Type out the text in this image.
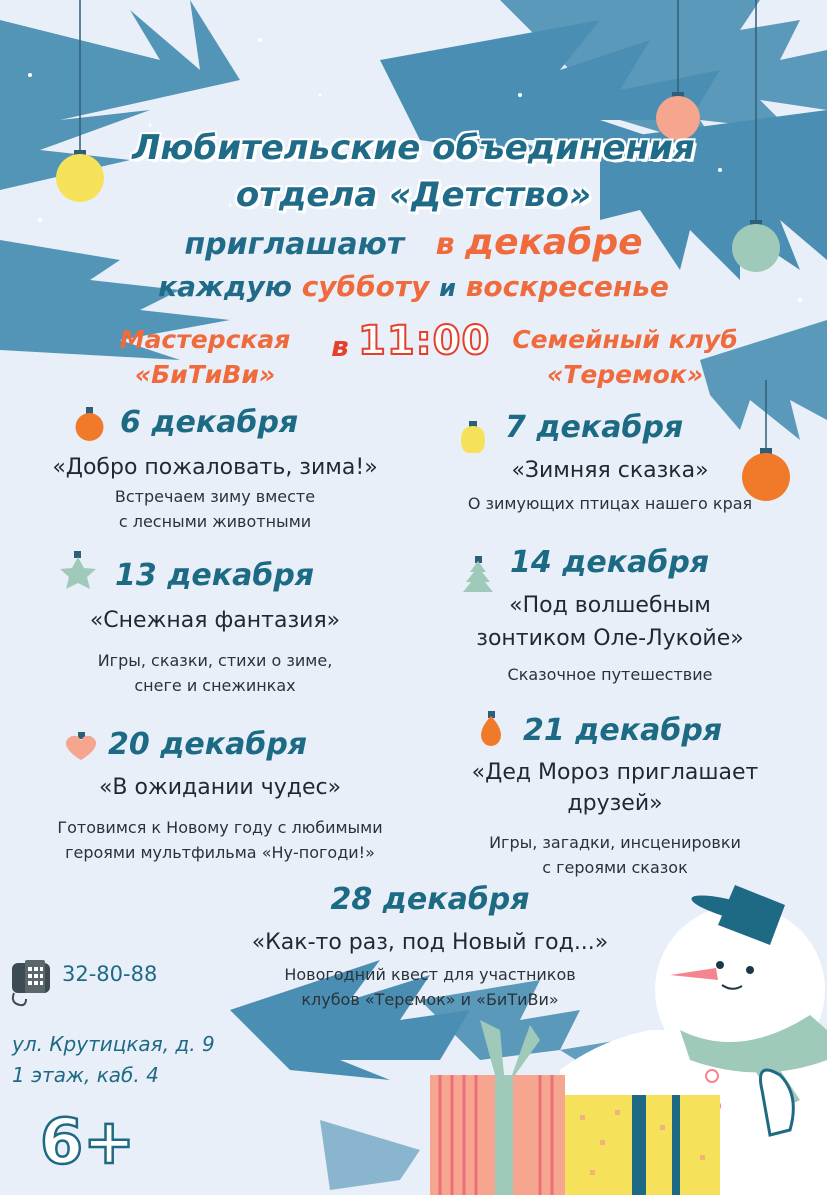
Любительские объединения
отдела «Детство»
приглашают в декабре
каждую субботу и воскресенье
Мастерская
«БиТиВи»
в 11:00 Семейный клуб
«Теремок»
6 декабря
«Добро пожаловать, зима!»
Встречаем зиму вместе
с лесными животными
7 декабря
«Зимняя сказка»
О зимующих птицах нашего края
13 декабря
«Снежная фантазия»
Игры, сказки, стихи о зиме,
снеге и снежинках
14 декабря
«Под волшебным
зонтиком Оле-Лукойе»
Сказочное путешествие
20 декабря
«В ожидании чудес»
Готовимся к Новому году с любимыми
героями мультфильма «Ну-погоди!»
21 декабря
«Дед Мороз приглашает
друзей»
Игры, загадки, инсценировки
с героями сказок
28 декабря
«Как-то раз, под Новый год...»
Новогодний квест для участников
клубов «Теремок» и «БиТиВи»
32-80-88
ул. Крутицкая, д. 9
1 этаж, каб. 4
6+
